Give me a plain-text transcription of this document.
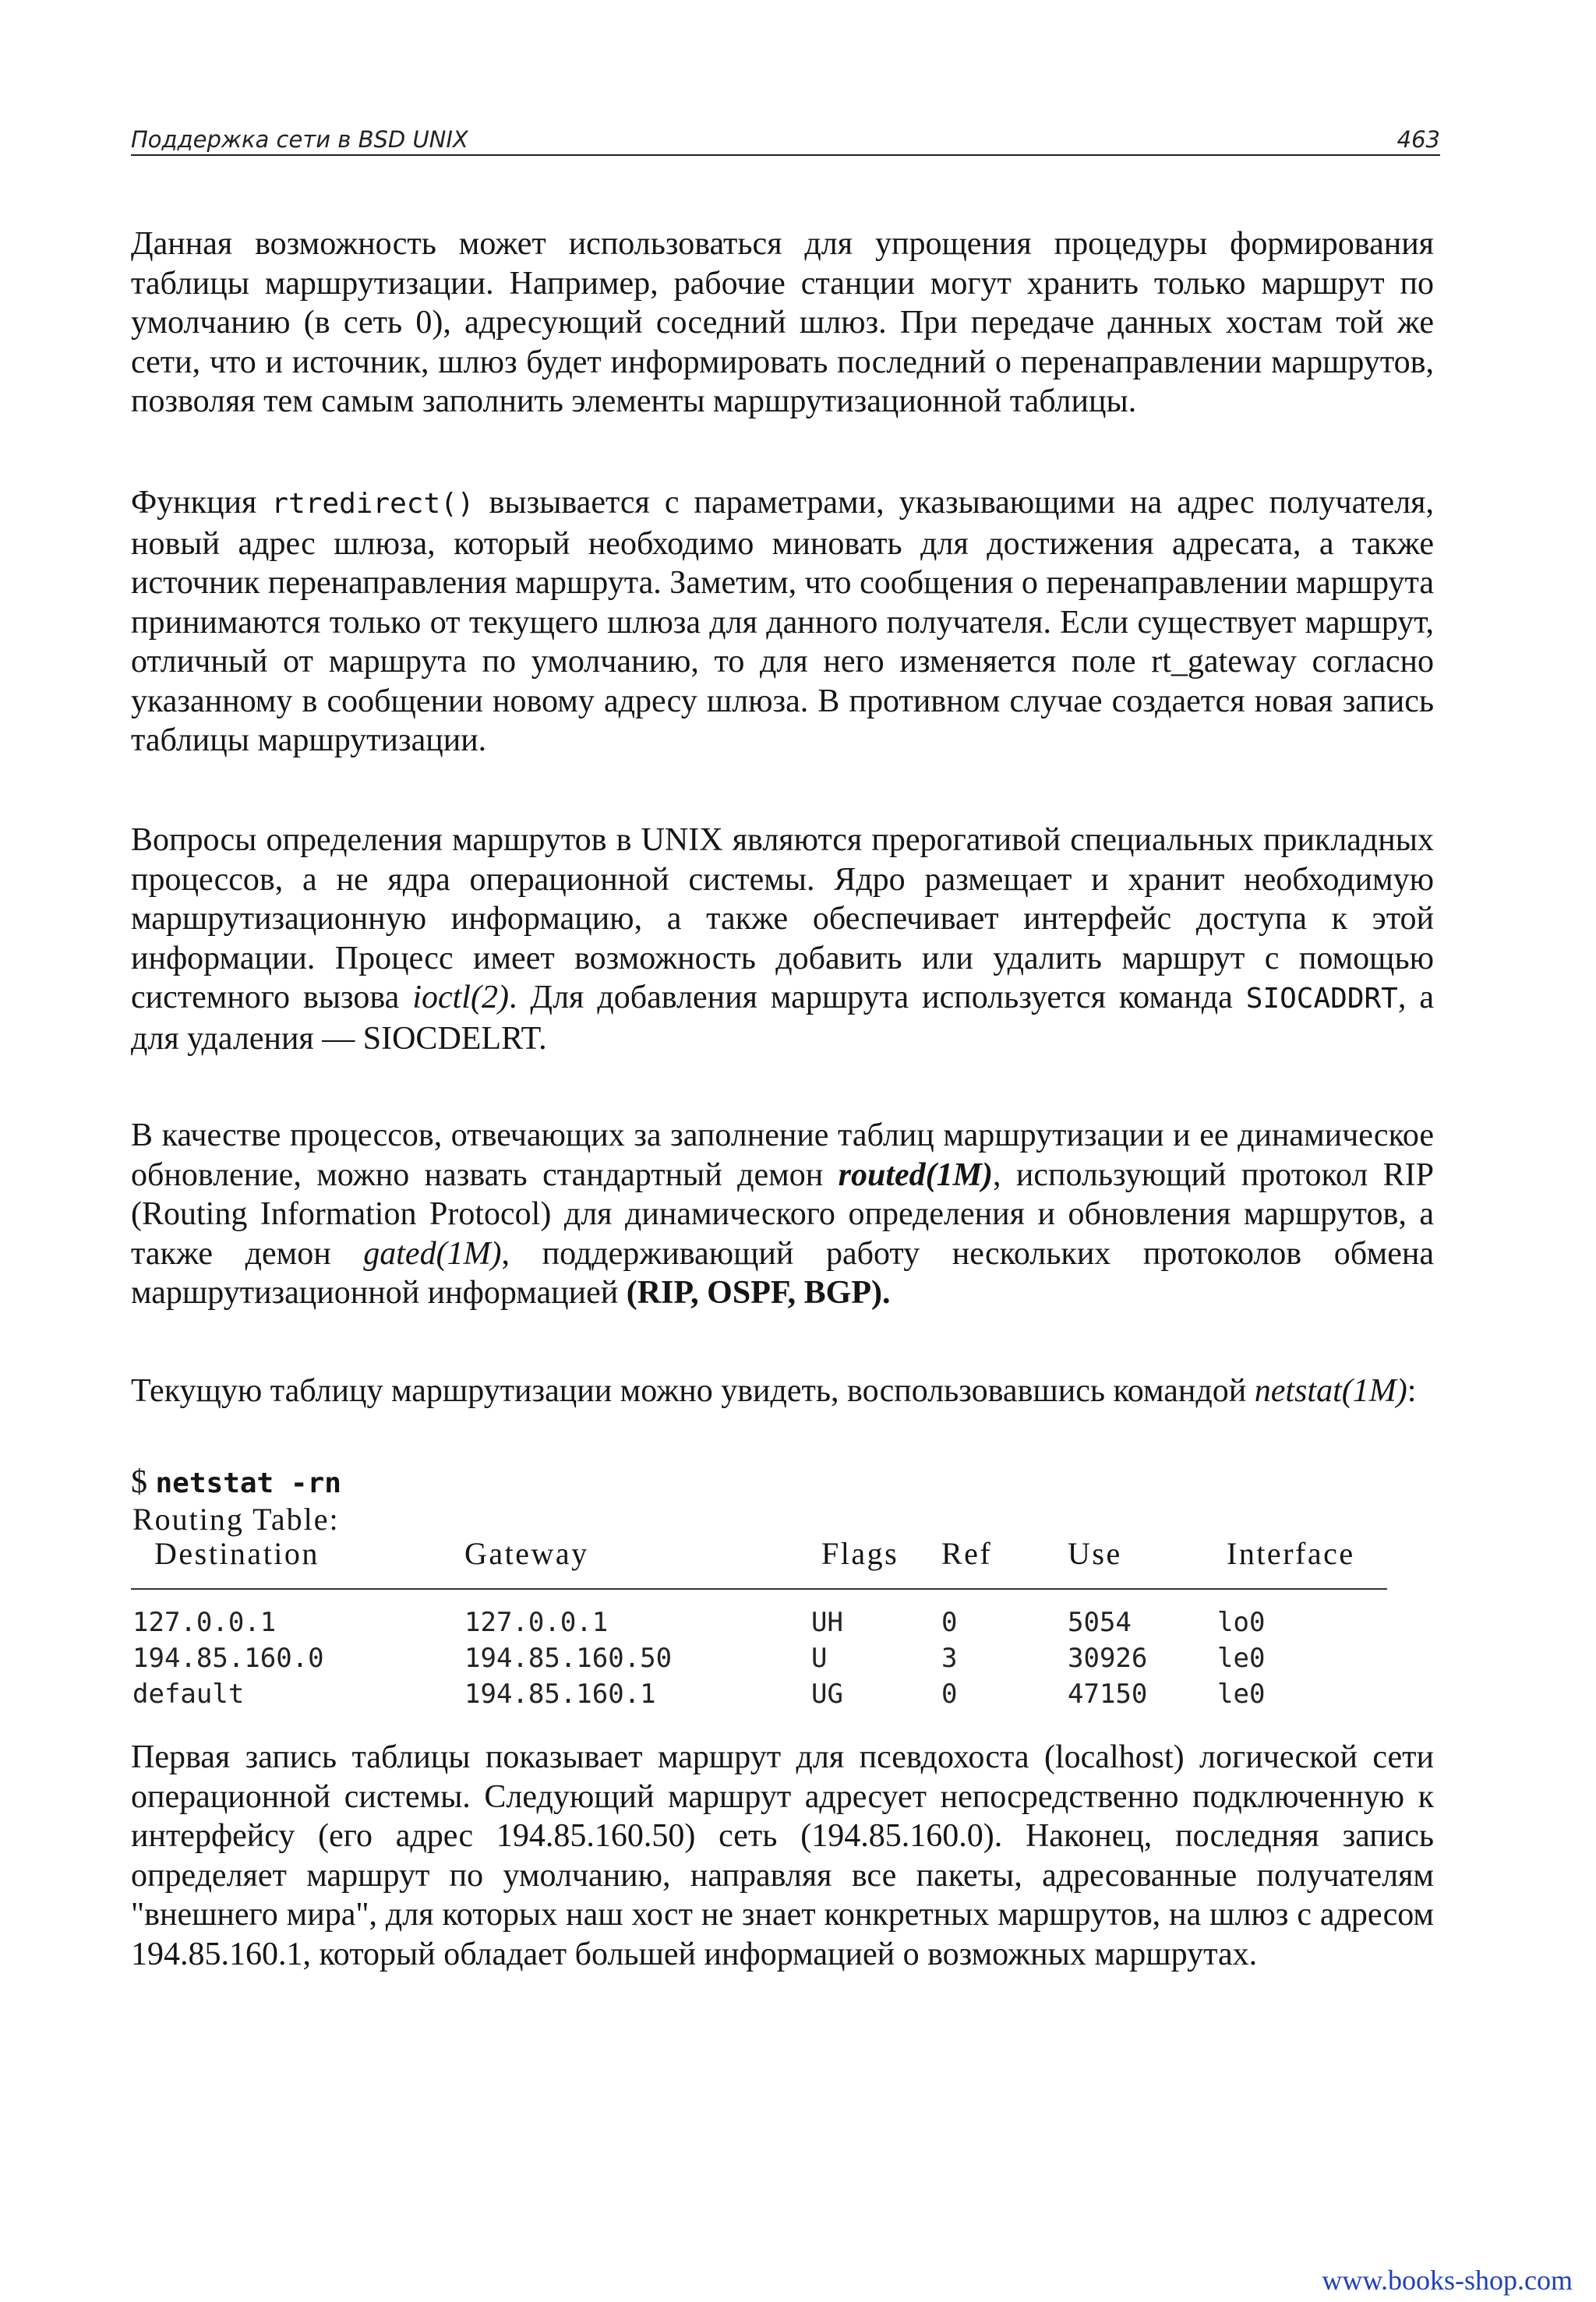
Поддержка сети в BSD UNIX	463

Данная возможность может использоваться для упрощения процедуры формирования таблицы маршрутизации. Например, рабочие станции могут хранить только маршрут по умолчанию (в сеть 0), адресующий соседний шлюз. При передаче данных хостам той же сети, что и источник, шлюз будет информировать последний о перенаправлении маршрутов, позволяя тем самым заполнить элементы маршрутизационной таблицы.

Функция rtredirect() вызывается с параметрами, указывающими на адрес получателя, новый адрес шлюза, который необходимо миновать для достижения адресата, а также источник перенаправления маршрута. Заметим, что сообщения о перенаправлении маршрута принимаются только от текущего шлюза для данного получателя. Если существует маршрут, отличный от маршрута по умолчанию, то для него изменяется поле rt_gateway согласно указанному в сообщении новому адресу шлюза. В противном случае создается новая запись таблицы маршрутизации.

Вопросы определения маршрутов в UNIX являются прерогативой специальных прикладных процессов, а не ядра операционной системы. Ядро размещает и хранит необходимую маршрутизационную информацию, а также обеспечивает интерфейс доступа к этой информации. Процесс имеет возможность добавить или удалить маршрут с помощью системного вызова ioctl(2). Для добавления маршрута используется команда SIOCADDRT, а для удаления — SIOCDELRT.

В качестве процессов, отвечающих за заполнение таблиц маршрутизации и ее динамическое обновление, можно назвать стандартный демон routed(1M), использующий протокол RIP (Routing Information Protocol) для динамического определения и обновления маршрутов, а также демон gated(1M), поддерживающий работу нескольких протоколов обмена маршрутизационной информацией (RIP, OSPF, BGP).

Текущую таблицу маршрутизации можно увидеть, воспользовавшись командой netstat(1M):

$ netstat -rn
Routing Table:
Destination	Gateway	Flags Ref Use	Interface
127.0.0.1	127.0.0.1	UH	0	5054	lo0
194.85.160.0	194.85.160.50	U	3	30926	le0
default	194.85.160.1	UG	0	47150	le0

Первая запись таблицы показывает маршрут для псевдохоста (localhost) логической сети операционной системы. Следующий маршрут адресует непосредственно подключенную к интерфейсу (его адрес 194.85.160.50) сеть (194.85.160.0). Наконец, последняя запись определяет маршрут по умолчанию, направляя все пакеты, адресованные получателям "внешнего мира", для которых наш хост не знает конкретных маршрутов, на шлюз с адресом 194.85.160.1, который обладает большей информацией о возможных маршрутах.

www.books-shop.com
